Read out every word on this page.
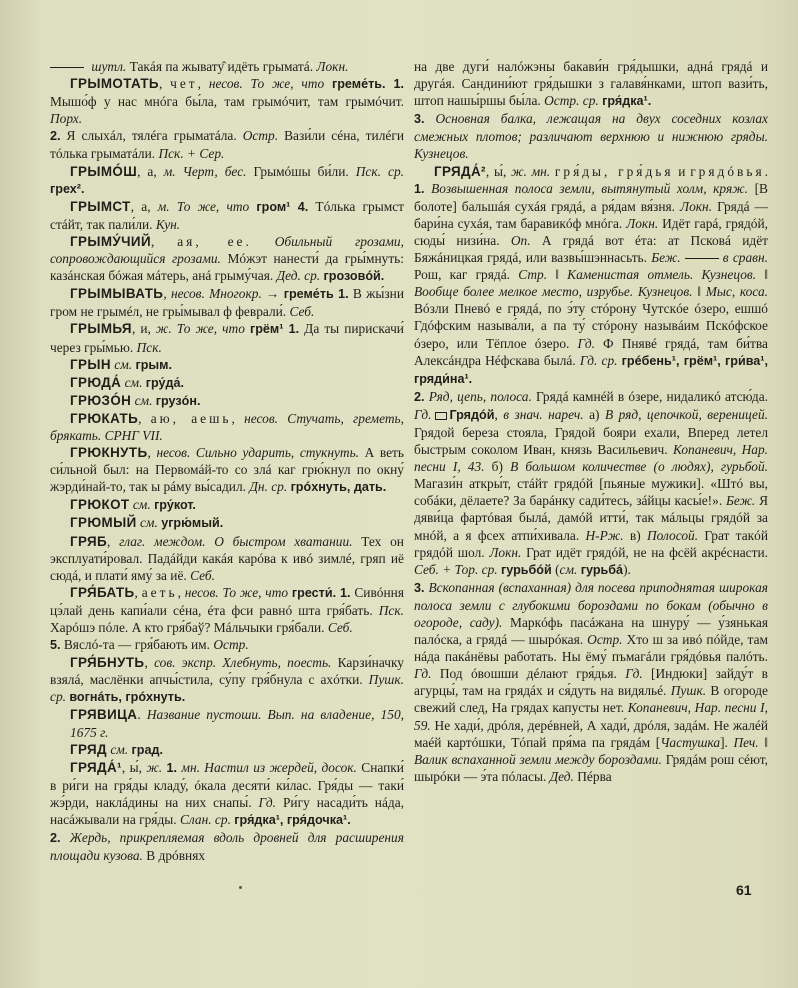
шутл. Такáя па жывату̂ идёть грыматá. Локн.

ГРЫМОТАТЬ, чет, несов. То же, что греме́ть. 1. Мышо́ф у нас мнóга бы́ла, там грымóчит, там грымóчит. Порх.

2. Я слыхáл, тялéга грыматáла. Остр. Вази́ли сéна, тилéги тóлька грыматáли. Пск. + Сер.

ГРЫМÓШ, а, м. Черт, бес. Грымóшы би́ли. Пск. ср. грех².

ГРЫМСТ, а, м. То же, что гром¹ 4. Тóлька грымст стáйт, так пали́ли. Кун.

ГРЫМУ́ЧИЙ, ая, ее. Обильный грозами, сопровождающийся грозами. Мóжэт нанести́ да гры́мнуть: казáнская бóжая мáтерь, анá грыму́чая. Дед. ср. грозовóй.

ГРЫМЫВАТЬ, несов. Многокр. → греме́ть 1. В жы́зни гром не грымéл, не гры́мывал ф феврали́. Себ.

ГРЫМЬЯ, и, ж. То же, что грём¹ 1. Да ты пирискачи́ через гры́мью. Пск.

ГРЫН см. грым.

ГРЮДА́ см. гру́да́.

ГРЮЗÓН см. грузóн.

ГРЮКАТЬ, аю, аешь, несов. Стучать, греметь, брякать. СРНГ VII.

ГРЮКНУТЬ, несов. Сильно ударить, стукнуть. А веть си́льной был: на Первомáй-то со злá каг грю́кнул по окну́ жэрди́най-то, так ы рáму вы́садил. Дн. ср. грóхнуть, дать.

ГРЮКОТ см. гру́кот.

ГРЮМЫЙ см. угрю́мый.

ГРЯБ, глаг. междом. О быстром хватании. Тех он эксплуати́ровал. Падáйди какáя карóва к ивó зимлé, гряп иё сюдá, и плати́ яму́ за иё. Себ.

ГРЯ́БАТЬ, аеть, несов. То же, что грести́. 1. Сивóння цэ́лай день капи́али сéна, éта фси равнó шта гря́бать. Пск. Харóшэ пóле. А кто гря́баў? Мáльчыки гря́бали. Себ.

5. Вяслó-та — гря́бають им. Остр.

ГРЯ́БНУТЬ, сов. экспр. Хлебнуть, поесть. Карзи́начку взялá, маслёнки апчы́стила, су́пу гря́бнула с ахóтки. Пушк. ср. вогнáть, грóхнуть.

ГРЯВИЦА. Название пустоши. Вып. на владение, 150, 1675 г.

ГРЯД см. град.

ГРЯДА́¹, ы́, ж. 1. мн. Настил из жердей, досок. Снапки́ в ри́ги на гря́ды кладу́, óкала десяти́ ки́лас. Гря́ды — таки́ жэ́рди, наклáдины на них снапы́. Гд. Ри́гу насади́ть нáда, насáжывали на гря́ды. Слан. ср. гря́дка¹, гря́дочка¹.

2. Жердь, прикрепляемая вдоль дровней для расширения площади кузова. В дрóвнях

на две дуги́ налóжэны бакави́н гря́дышки, аднá грядá и другáя. Сандини́ют гря́дышки з галавя́нками, штоп вази́ть, штоп нашы́ршы бы́ла. Остр. ср. гря́дка¹.

3. Основная балка, лежащая на двух соседних козлах смежных плотов; различают верхнюю и нижнюю гряды. Кузнецов.

ГРЯДА́², ы́, ж. мн. гря́ды, гря́дья и грядóвья. 1. Возвышенная полоса земли, вытянутый холм, кряж. [В болоте] бальшáя сухáя грядá, а ря́дам вя́зня. Локн. Грядá — бари́на сухáя, там баравикóф мнóга. Локн. Идёт гарá, грядóй, сюды́ низи́на. Оп. А грядá вот éта: ат Псковá идёт Бяжáницкая грядá, или вазвы́шэннасьть. Беж.	в сравн. Рош, каг грядá. Стр. ‖ Каменистая отмель. Кузнецов. ‖ Вообще более мелкое место, изрубье. Кузнецов. ‖ Мыс, коса. Вóзли Пневó е грядá, по э́ту стóрону Чутскóе óзеро, ешшó Гдóфским называ́ли, а па ту́ стóрону назывáим Пскóфское óзеро, или Тёплое óзеро. Гд. Ф Пнявé грядá, там би́тва Алексáндра Нéфскава былá. Гд. ср. грéбень¹, грём¹, гри́ва¹, гряди́на¹.

2. Ряд, цепь, полоса. Грядá камнéй в óзере, нидаликó атсю́да. Гд. Грядóй, в знач. нареч. а) В ряд, цепочкой, вереницей. Грядой береза стояла, Грядой бояри ехали, Вперед летел быстрым соколом Иван, князь Васильевич. Копаневич, Нар. песни I, 43. б) В большом количестве (о людях), гурьбой. Магази́н аткры́т, стáйт грядóй [пьяные мужики]. «Штó вы, собáки, дёлаете? За барáнку сади́тесь, зáйцы касы́е!». Беж. Я дяви́ца фартóвая былá, дамóй итти́, так мáльцы грядóй за мнóй, а я фсех атпи́хивала. Н-Рж. в) Полосой. Грат такóй грядóй шол. Локн. Грат идёт грядóй, не на фсёй акрéснасти. Себ. + Тор. ср. гурьбóй (см. гурьбá).

3. Вскопанная (вспаханная) для посева приподнятая широкая полоса земли с глубокими бороздами по бокам (обычно в огороде, саду). Маркóфь пасáжана на шнуру́ — у́зянькая палóска, а грядá — шырóкая. Остр. Хто ш за ивó пóйде, там нáда пакáнёвы работать. Ны ёму́ пъмагáли гря́дóвья палóть. Гд. Под óвошши дéлают гря́дья. Гд. [Индюки] зайду́т в агурцы́, там на грядáх и ся́дуть на видяльé. Пушк. В огороде свежий след, На грядах капусты нет. Копаневич, Нар. песни I, 59. Не хади́, дрóля, дерéвней, А хади́, дрóля, задáм. Не жалéй маéй картóшки, Тóпай пря́ма па грядáм [Частушка]. Печ. ‖ Валик вспаханной земли между бороздами. Грядáм рош сéют, шырóки — э́та пóласы. Дед. Пéрва

61
